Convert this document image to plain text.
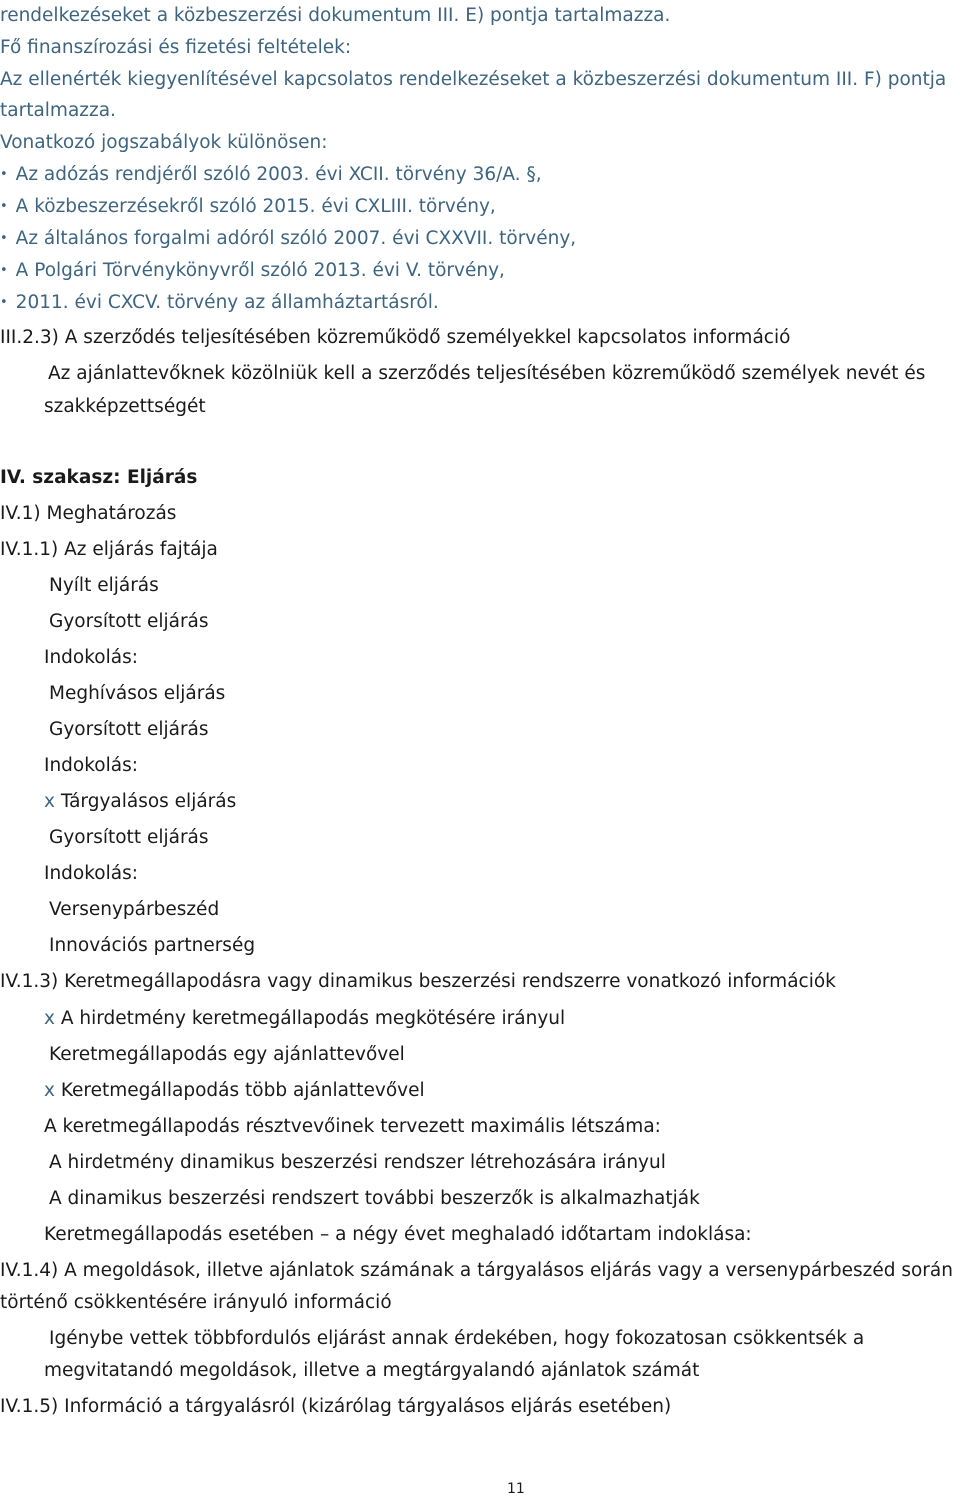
rendelkezéseket a közbeszerzési dokumentum III. E) pontja tartalmazza.
Fő finanszírozási és fizetési feltételek:
Az ellenérték kiegyenlítésével kapcsolatos rendelkezéseket a közbeszerzési dokumentum III. F) pontja
tartalmazza.
Vonatkozó jogszabályok különösen:
• Az adózás rendjéről szóló 2003. évi XCII. törvény 36/A. §,
• A közbeszerzésekről szóló 2015. évi CXLIII. törvény,
• Az általános forgalmi adóról szóló 2007. évi CXXVII. törvény,
• A Polgári Törvénykönyvről szóló 2013. évi V. törvény,
• 2011. évi CXCV. törvény az államháztartásról.
III.2.3) A szerződés teljesítésében közreműködő személyekkel kapcsolatos információ
Az ajánlattevőknek közölniük kell a szerződés teljesítésében közreműködő személyek nevét és
szakképzettségét
IV. szakasz: Eljárás
IV.1) Meghatározás
IV.1.1) Az eljárás fajtája
Nyílt eljárás
Gyorsított eljárás
Indokolás:
Meghívásos eljárás
Gyorsított eljárás
Indokolás:
x Tárgyalásos eljárás
Gyorsított eljárás
Indokolás:
Versenypárbeszéd
Innovációs partnerség
IV.1.3) Keretmegállapodásra vagy dinamikus beszerzési rendszerre vonatkozó információk
x A hirdetmény keretmegállapodás megkötésére irányul
Keretmegállapodás egy ajánlattevővel
x Keretmegállapodás több ajánlattevővel
A keretmegállapodás résztvevőinek tervezett maximális létszáma:
A hirdetmény dinamikus beszerzési rendszer létrehozására irányul
A dinamikus beszerzési rendszert további beszerzők is alkalmazhatják
Keretmegállapodás esetében – a négy évet meghaladó időtartam indoklása:
IV.1.4) A megoldások, illetve ajánlatok számának a tárgyalásos eljárás vagy a versenypárbeszéd során
történő csökkentésére irányuló információ
Igénybe vettek többfordulós eljárást annak érdekében, hogy fokozatosan csökkentsék a
megvitatandó megoldások, illetve a megtárgyalandó ajánlatok számát
IV.1.5) Információ a tárgyalásról (kizárólag tárgyalásos eljárás esetében)
11
